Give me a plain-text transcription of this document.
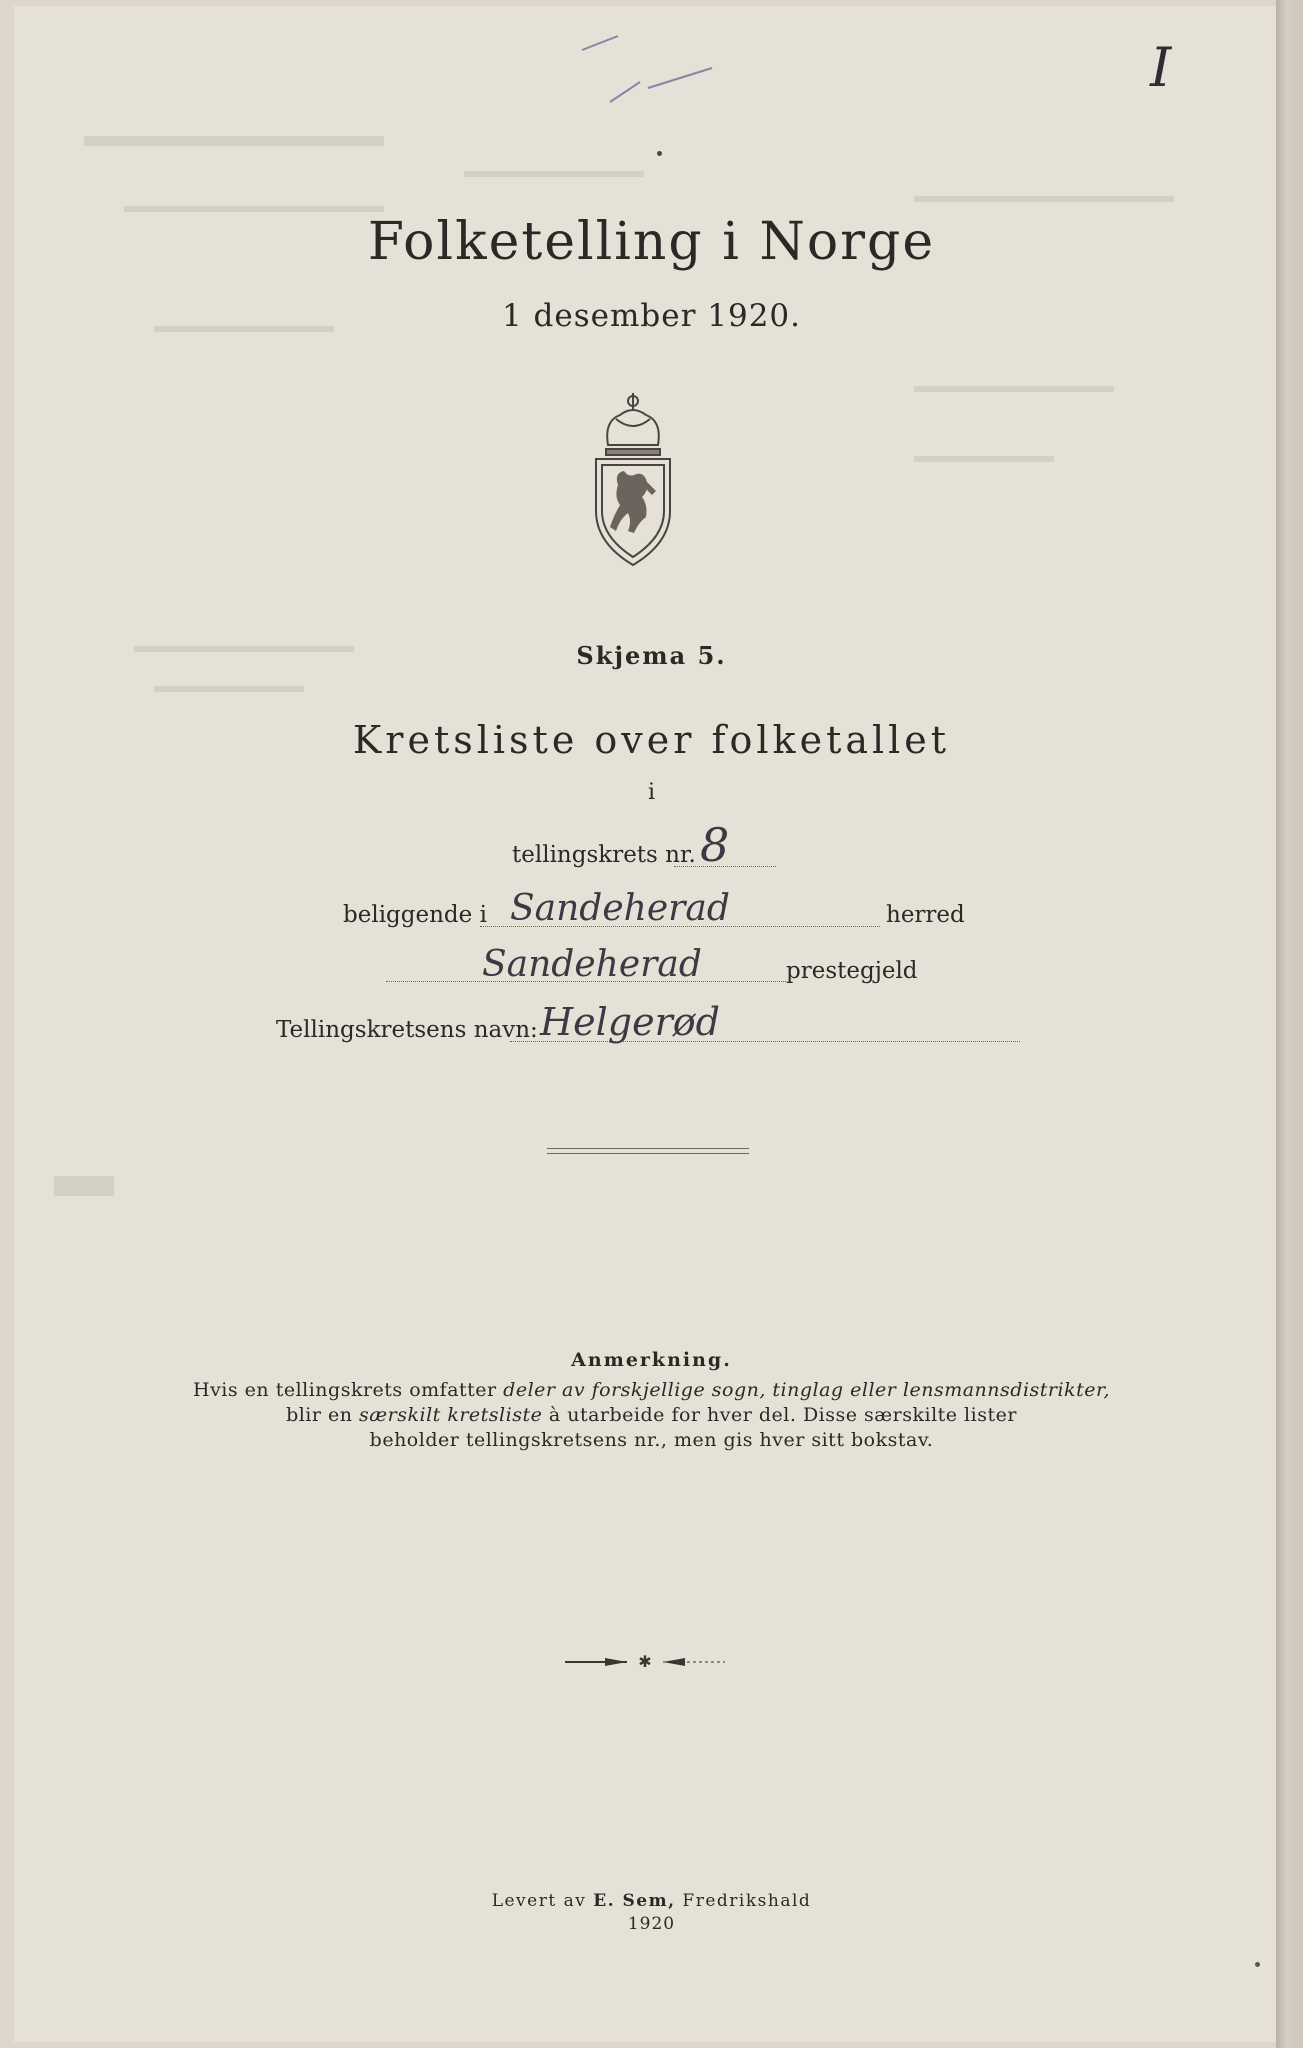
I
Folketelling i Norge
1 desember 1920.
Skjema 5.
Kretsliste over folketallet
i
tellingskrets nr. 8
beliggende i Sandeherad	herred
Sandeherad	prestegjeld
Tellingskretsens navn: Helgerød
Anmerkning.
Hvis en tellingskrets omfatter deler av forskjellige sogn, tinglag eller lensmannsdistrikter,
blir en særskilt kretsliste à utarbeide for hver del. Disse særskilte lister
beholder tellingskretsens nr., men gis hver sitt bokstav.
✱
Levert av E. Sem, Fredrikshald
1920
